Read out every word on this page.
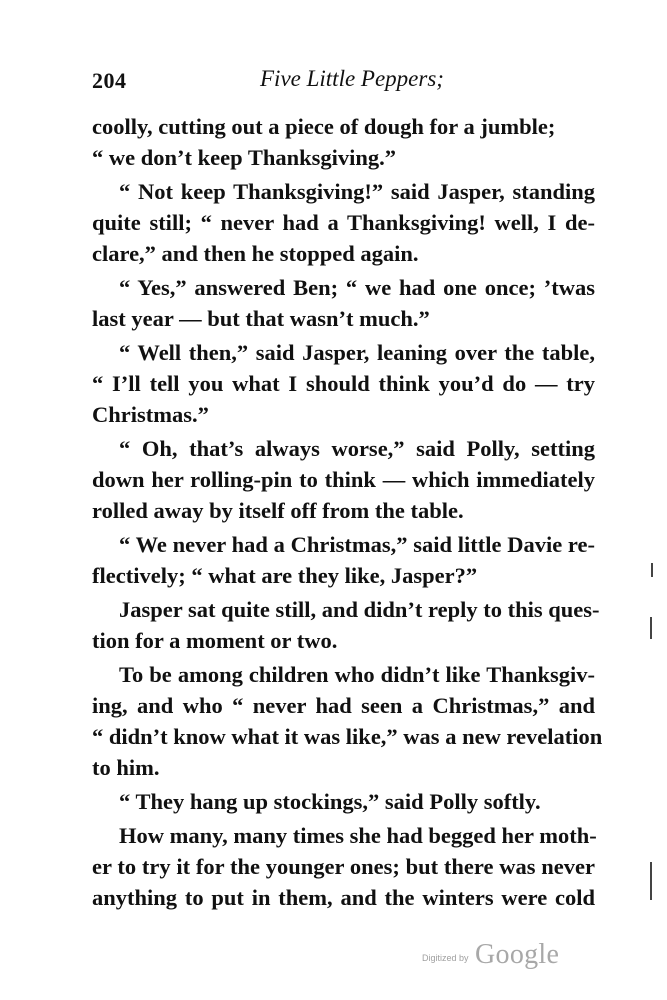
204	Five Little Peppers;
coolly, cutting out a piece of dough for a jumble;
“ we don’t keep Thanksgiving.”
“ Not keep Thanksgiving!” said Jasper, standing
quite still; “ never had a Thanksgiving! well, I de-
clare,” and then he stopped again.
“ Yes,” answered Ben; “ we had one once; ’twas
last year — but that wasn’t much.”
“ Well then,” said Jasper, leaning over the table,
“ I’ll tell you what I should think you’d do — try
Christmas.”
“ Oh, that’s always worse,” said Polly, setting
down her rolling-pin to think — which immediately
rolled away by itself off from the table.
“ We never had a Christmas,” said little Davie re-
flectively; “ what are they like, Jasper?”
Jasper sat quite still, and didn’t reply to this ques-
tion for a moment or two.
To be among children who didn’t like Thanksgiv-
ing, and who “ never had seen a Christmas,” and
“ didn’t know what it was like,” was a new revelation
to him.
“ They hang up stockings,” said Polly softly.
How many, many times she had begged her moth-
er to try it for the younger ones; but there was never
anything to put in them, and the winters were cold
Digitized by Google
